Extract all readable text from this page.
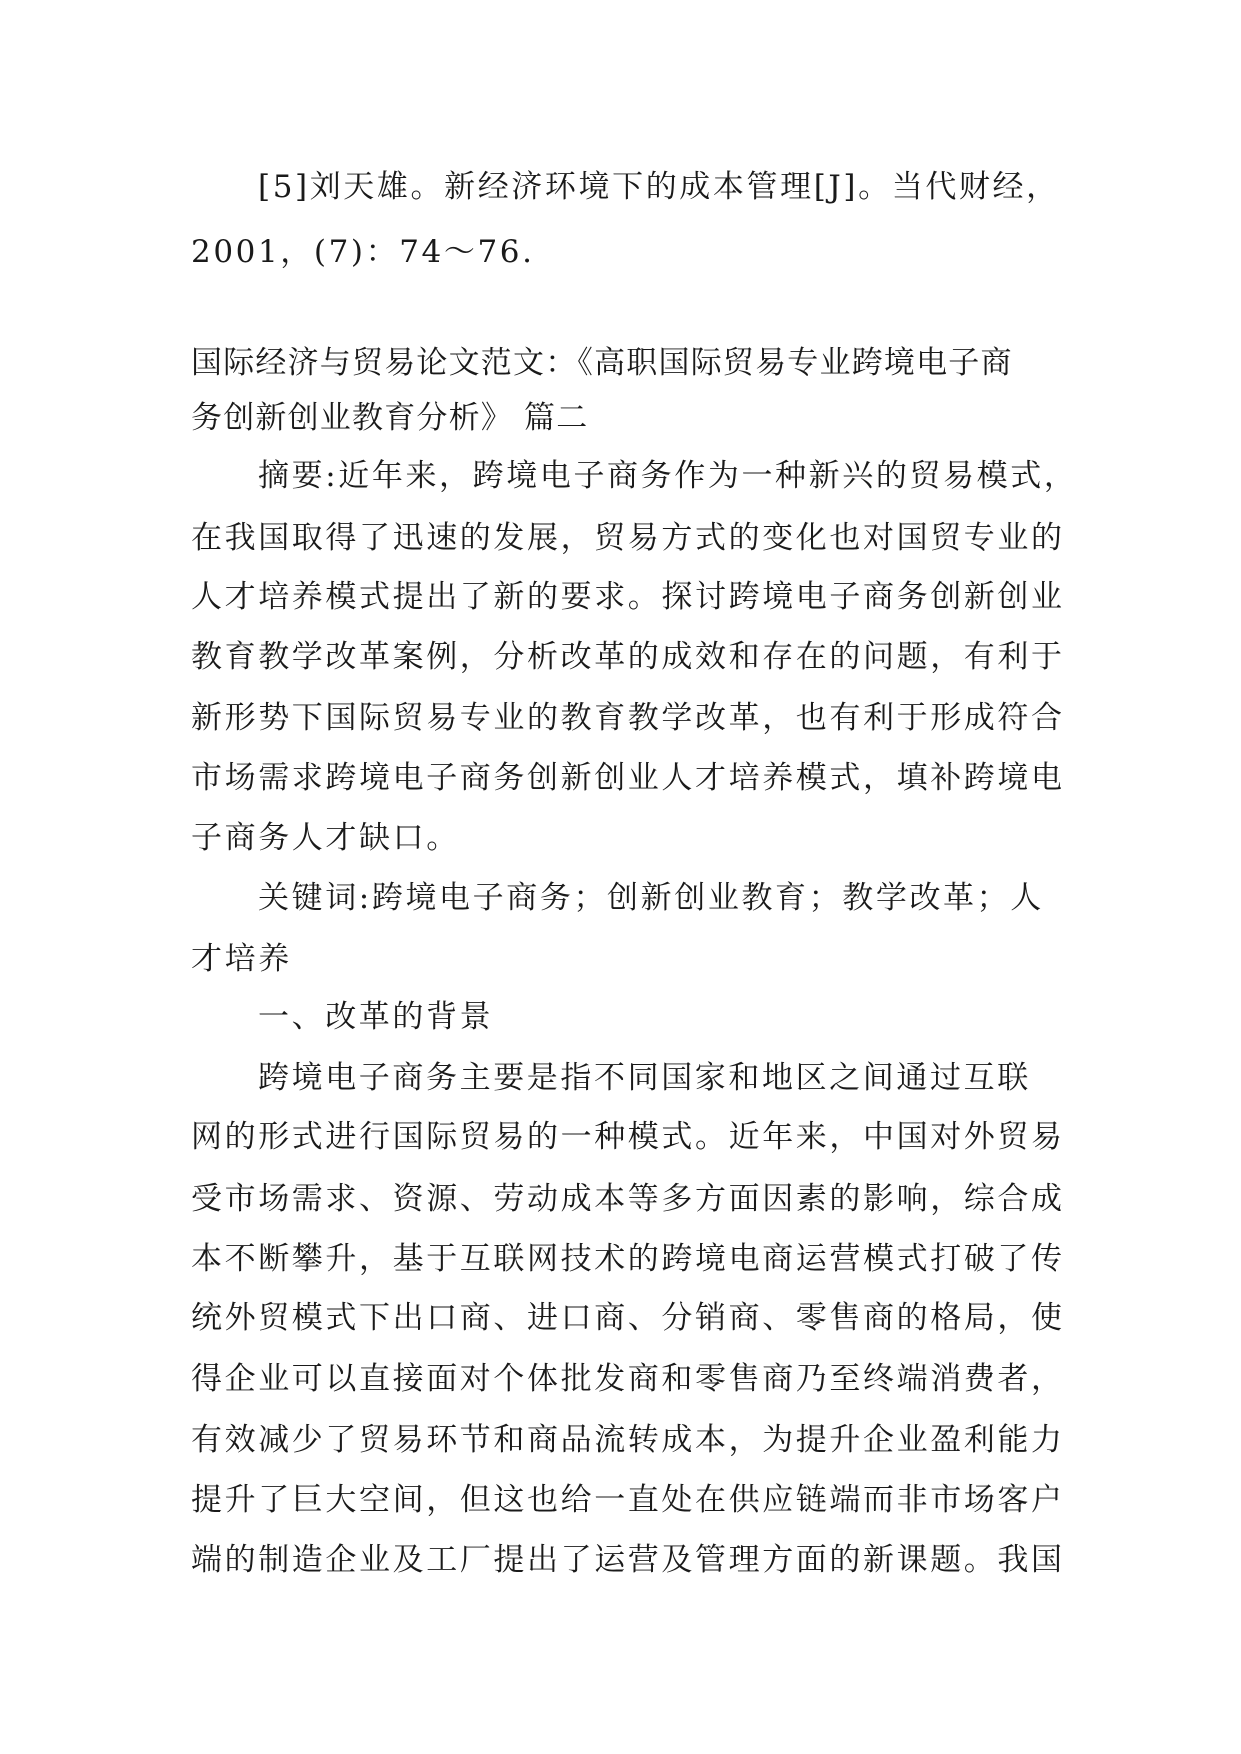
[5]刘天雄。新经济环境下的成本管理[J]。当代财经，
2001，(7)：74～76.
国际经济与贸易论文范文：《高职国际贸易专业跨境电子商
务创新创业教育分析》 篇二
摘要:近年来，跨境电子商务作为一种新兴的贸易模式，
在我国取得了迅速的发展，贸易方式的变化也对国贸专业的
人才培养模式提出了新的要求。探讨跨境电子商务创新创业
教育教学改革案例，分析改革的成效和存在的问题，有利于
新形势下国际贸易专业的教育教学改革，也有利于形成符合
市场需求跨境电子商务创新创业人才培养模式，填补跨境电
子商务人才缺口。
关键词:跨境电子商务；创新创业教育；教学改革；人
才培养
一、改革的背景
跨境电子商务主要是指不同国家和地区之间通过互联
网的形式进行国际贸易的一种模式。近年来，中国对外贸易
受市场需求、资源、劳动成本等多方面因素的影响，综合成
本不断攀升，基于互联网技术的跨境电商运营模式打破了传
统外贸模式下出口商、进口商、分销商、零售商的格局，使
得企业可以直接面对个体批发商和零售商乃至终端消费者，
有效减少了贸易环节和商品流转成本，为提升企业盈利能力
提升了巨大空间，但这也给一直处在供应链端而非市场客户
端的制造企业及工厂提出了运营及管理方面的新课题。我国
